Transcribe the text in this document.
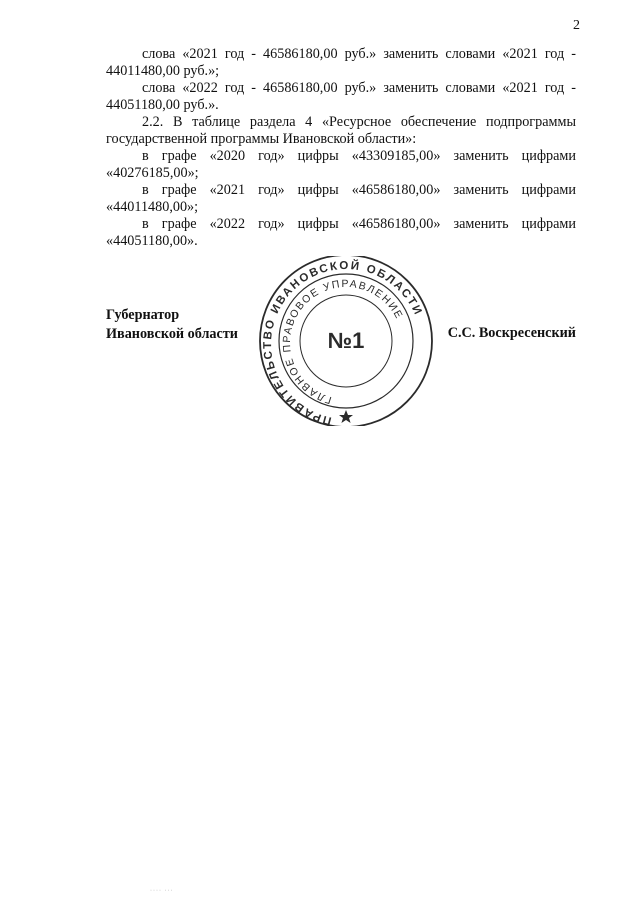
2

слова «2021 год - 46586180,00 руб.» заменить словами «2021 год - 44011480,00 руб.»;

слова «2022 год - 46586180,00 руб.» заменить словами «2021 год - 44051180,00 руб.».

2.2. В таблице раздела 4 «Ресурсное обеспечение подпрограммы государственной программы Ивановской области»:

в графе «2020 год» цифры «43309185,00» заменить цифрами «40276185,00»;

в графе «2021 год» цифры «46586180,00» заменить цифрами «44011480,00»;

в графе «2022 год» цифры «46586180,00» заменить цифрами «44051180,00».

Губернатор
Ивановской области	С.С. Воскресенский
ПРАВИТЕЛЬСТВО ИВАНОВСКОЙ ОБЛАСТИ
ГЛАВНОЕ ПРАВОВОЕ УПРАВЛЕНИЕ
№1
···· ···
